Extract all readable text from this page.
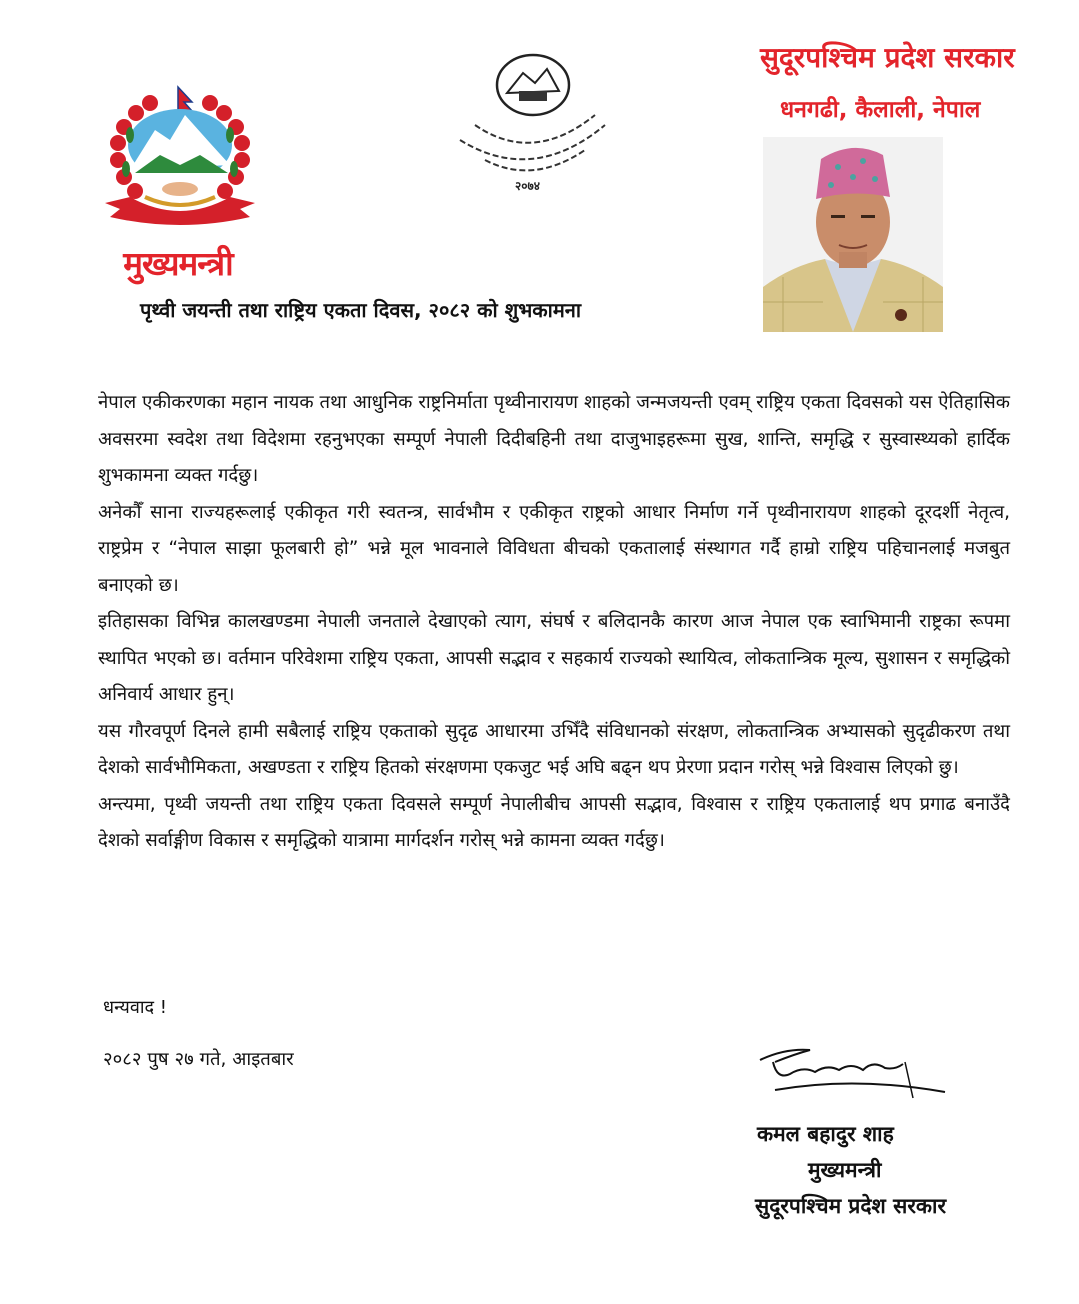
मुख्यमन्त्री
२०७४
सुदूरपश्चिम प्रदेश सरकार
धनगढी, कैलाली, नेपाल
पृथ्वी जयन्ती तथा राष्ट्रिय एकता दिवस, २०८२ को शुभकामना

नेपाल एकीकरणका महान नायक तथा आधुनिक राष्ट्रनिर्माता पृथ्वीनारायण शाहको जन्मजयन्ती एवम् राष्ट्रिय एकता दिवसको यस ऐतिहासिक अवसरमा स्वदेश तथा विदेशमा रहनुभएका सम्पूर्ण नेपाली दिदीबहिनी तथा दाजुभाइहरूमा सुख, शान्ति, समृद्धि र सुस्वास्थ्यको हार्दिक शुभकामना व्यक्त गर्दछु।

अनेकौँ साना राज्यहरूलाई एकीकृत गरी स्वतन्त्र, सार्वभौम र एकीकृत राष्ट्रको आधार निर्माण गर्ने पृथ्वीनारायण शाहको दूरदर्शी नेतृत्व, राष्ट्रप्रेम र “नेपाल साझा फूलबारी हो” भन्ने मूल भावनाले विविधता बीचको एकतालाई संस्थागत गर्दै हाम्रो राष्ट्रिय पहिचानलाई मजबुत बनाएको छ।

इतिहासका विभिन्न कालखण्डमा नेपाली जनताले देखाएको त्याग, संघर्ष र बलिदानकै कारण आज नेपाल एक स्वाभिमानी राष्ट्रका रूपमा स्थापित भएको छ। वर्तमान परिवेशमा राष्ट्रिय एकता, आपसी सद्भाव र सहकार्य राज्यको स्थायित्व, लोकतान्त्रिक मूल्य, सुशासन र समृद्धिको अनिवार्य आधार हुन्।

यस गौरवपूर्ण दिनले हामी सबैलाई राष्ट्रिय एकताको सुदृढ आधारमा उभिँदै संविधानको संरक्षण, लोकतान्त्रिक अभ्यासको सुदृढीकरण तथा देशको सार्वभौमिकता, अखण्डता र राष्ट्रिय हितको संरक्षणमा एकजुट भई अघि बढ्न थप प्रेरणा प्रदान गरोस् भन्ने विश्वास लिएको छु।

अन्त्यमा, पृथ्वी जयन्ती तथा राष्ट्रिय एकता दिवसले सम्पूर्ण नेपालीबीच आपसी सद्भाव, विश्वास र राष्ट्रिय एकतालाई थप प्रगाढ बनाउँदै देशको सर्वाङ्गीण विकास र समृद्धिको यात्रामा मार्गदर्शन गरोस् भन्ने कामना व्यक्त गर्दछु।

धन्यवाद !
२०८२ पुष २७ गते, आइतबार
कमल बहादुर शाह
मुख्यमन्त्री
सुदूरपश्चिम प्रदेश सरकार
